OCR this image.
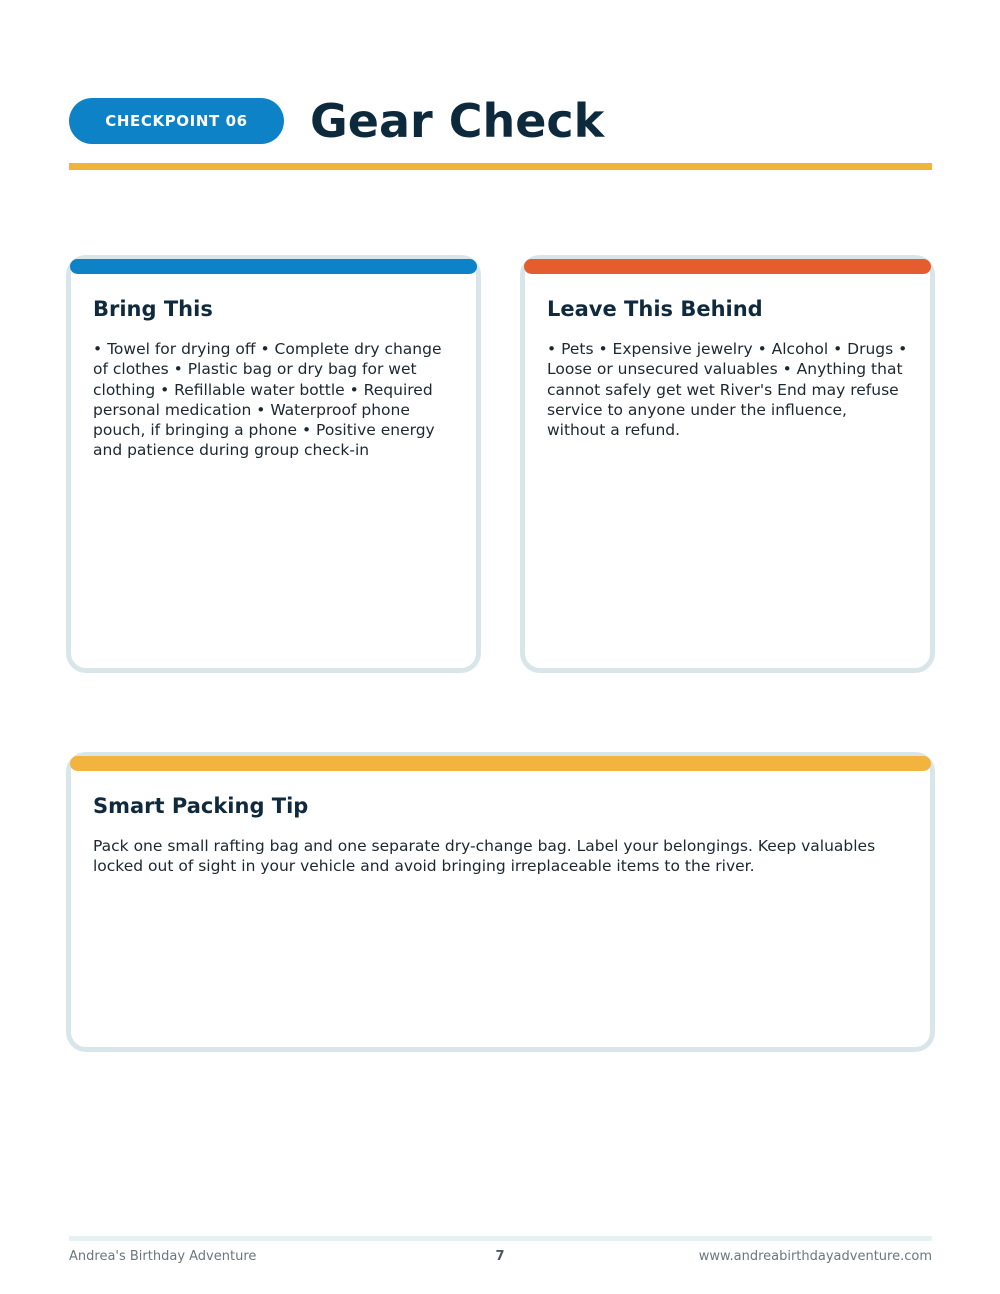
CHECKPOINT 06	Gear Check
Bring This
• Towel for drying off • Complete dry change of clothes • Plastic bag or dry bag for wet clothing • Refillable water bottle • Required personal medication • Waterproof phone pouch, if bringing a phone • Positive energy and patience during group check-in
Leave This Behind
• Pets • Expensive jewelry • Alcohol • Drugs • Loose or unsecured valuables • Anything that cannot safely get wet River's End may refuse service to anyone under the influence, without a refund.
Smart Packing Tip
Pack one small rafting bag and one separate dry-change bag. Label your belongings. Keep valuables locked out of sight in your vehicle and avoid bringing irreplaceable items to the river.
Andrea's Birthday Adventure	7	www.andreabirthdayadventure.com
